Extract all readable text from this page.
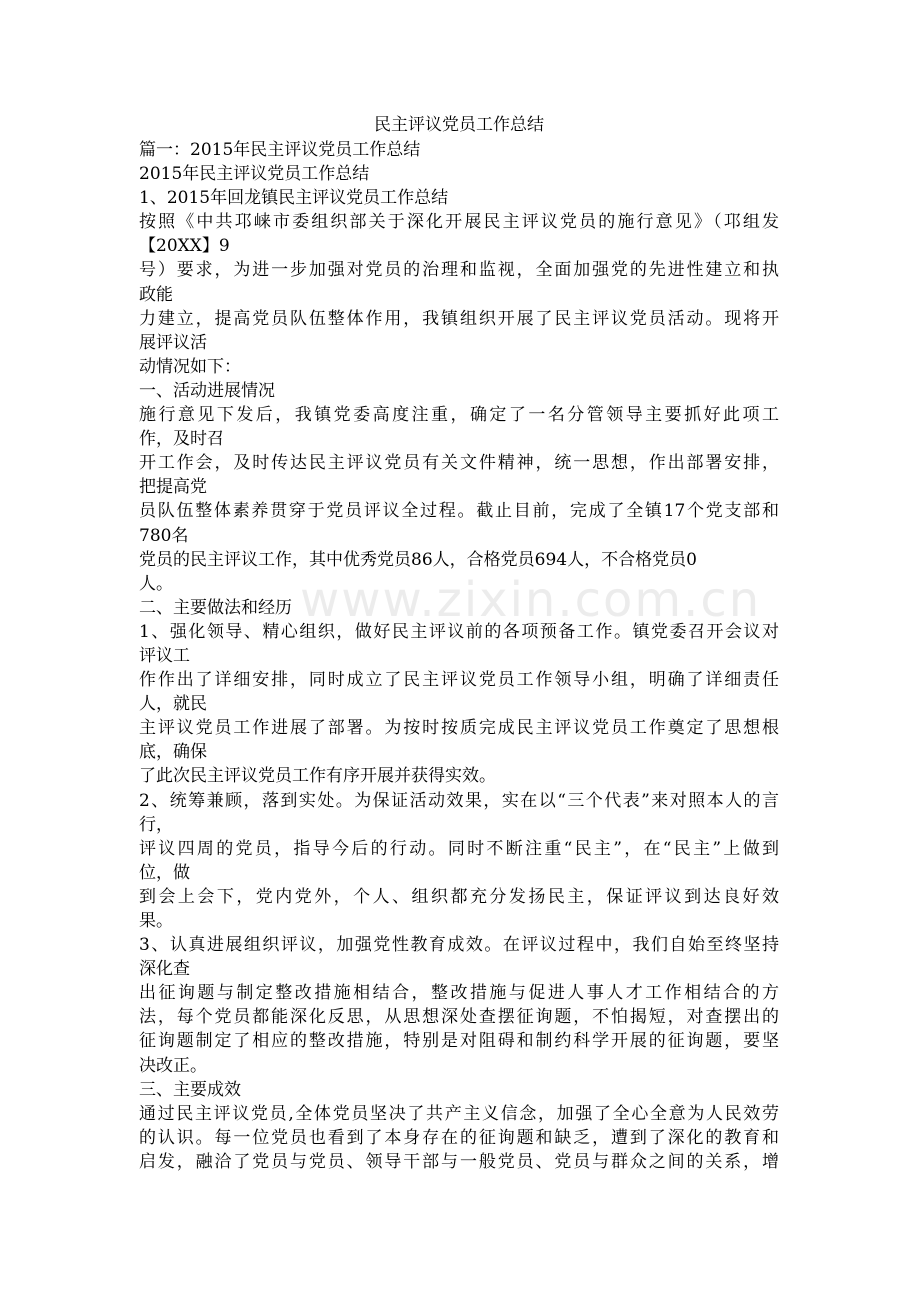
民主评议党员工作总结
篇一：2015年民主评议党员工作总结
2015年民主评议党员工作总结
1、2015年回龙镇民主评议党员工作总结
按照《中共邛崃市委组织部关于深化开展民主评议党员的施行意见》（邛组发
【20XX】9
号）要求，为进一步加强对党员的治理和监视，全面加强党的先进性建立和执
政能
力建立，提高党员队伍整体作用，我镇组织开展了民主评议党员活动。现将开
展评议活
动情况如下：
一、活动进展情况
施行意见下发后，我镇党委高度注重，确定了一名分管领导主要抓好此项工
作，及时召
开工作会，及时传达民主评议党员有关文件精神，统一思想，作出部署安排，
把提高党
员队伍整体素养贯穿于党员评议全过程。截止目前，完成了全镇17个党支部和
780名
党员的民主评议工作，其中优秀党员86人，合格党员694人，不合格党员0
人。
二、主要做法和经历
1、强化领导、精心组织，做好民主评议前的各项预备工作。镇党委召开会议对
评议工
作作出了详细安排，同时成立了民主评议党员工作领导小组，明确了详细责任
人，就民
主评议党员工作进展了部署。为按时按质完成民主评议党员工作奠定了思想根
底，确保
了此次民主评议党员工作有序开展并获得实效。
2、统筹兼顾，落到实处。为保证活动效果，实在以“三个代表”来对照本人的言
行，
评议四周的党员，指导今后的行动。同时不断注重“民主”，在“民主”上做到
位，做
到会上会下，党内党外，个人、组织都充分发扬民主，保证评议到达良好效
果。
3、认真进展组织评议，加强党性教育成效。在评议过程中，我们自始至终坚持
深化查
出征询题与制定整改措施相结合，整改措施与促进人事人才工作相结合的方
法，每个党员都能深化反思，从思想深处查摆征询题，不怕揭短，对查摆出的
征询题制定了相应的整改措施，特别是对阻碍和制约科学开展的征询题，要坚
决改正。
三、主要成效
通过民主评议党员,全体党员坚决了共产主义信念，加强了全心全意为人民效劳
的认识。每一位党员也看到了本身存在的征询题和缺乏，遭到了深化的教育和
启发，融洽了党员与党员、领导干部与一般党员、党员与群众之间的关系，增
www.zixin.com.cn
